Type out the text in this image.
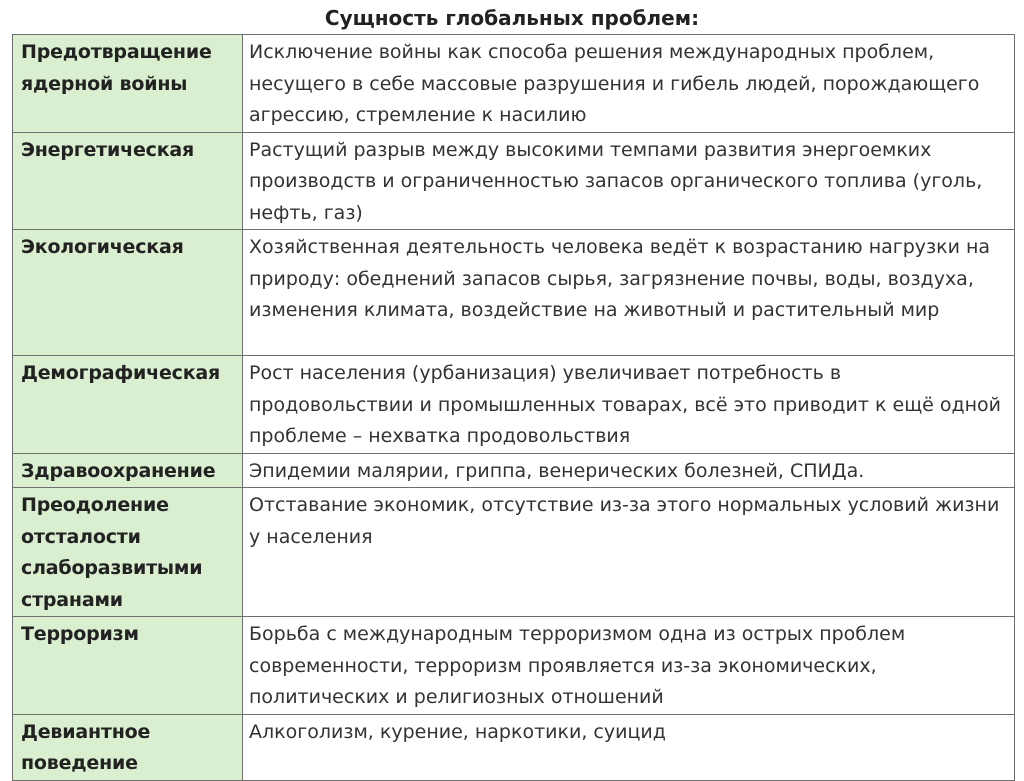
Сущность глобальных проблем:
Предотвращение ядерной войны	Исключение войны как способа решения международных проблем, несущего в себе массовые разрушения и гибель людей, порождающего агрессию, стремление к насилию

Энергетическая	Растущий разрыв между высокими темпами развития энергоемких производств и ограниченностью запасов органического топлива (уголь, нефть, газ)

Экологическая	Хозяйственная деятельность человека ведёт к возрастанию нагрузки на природу: обеднений запасов сырья, загрязнение почвы, воды, воздуха, изменения климата, воздействие на животный и растительный мир

Демографическая	Рост населения (урбанизация) увеличивает потребность в продовольствии и промышленных товарах, всё это приводит к ещё одной проблеме – нехватка продовольствия

Здравоохранение	Эпидемии малярии, гриппа, венерических болезней, СПИДа.

Преодоление отсталости слаборазвитыми странами	Отставание экономик, отсутствие из-за этого нормальных условий жизни у населения

Терроризм	Борьба с международным терроризмом одна из острых проблем современности, терроризм проявляется из-за экономических, политических и религиозных отношений

Девиантное поведение	Алкоголизм, курение, наркотики, суицид
